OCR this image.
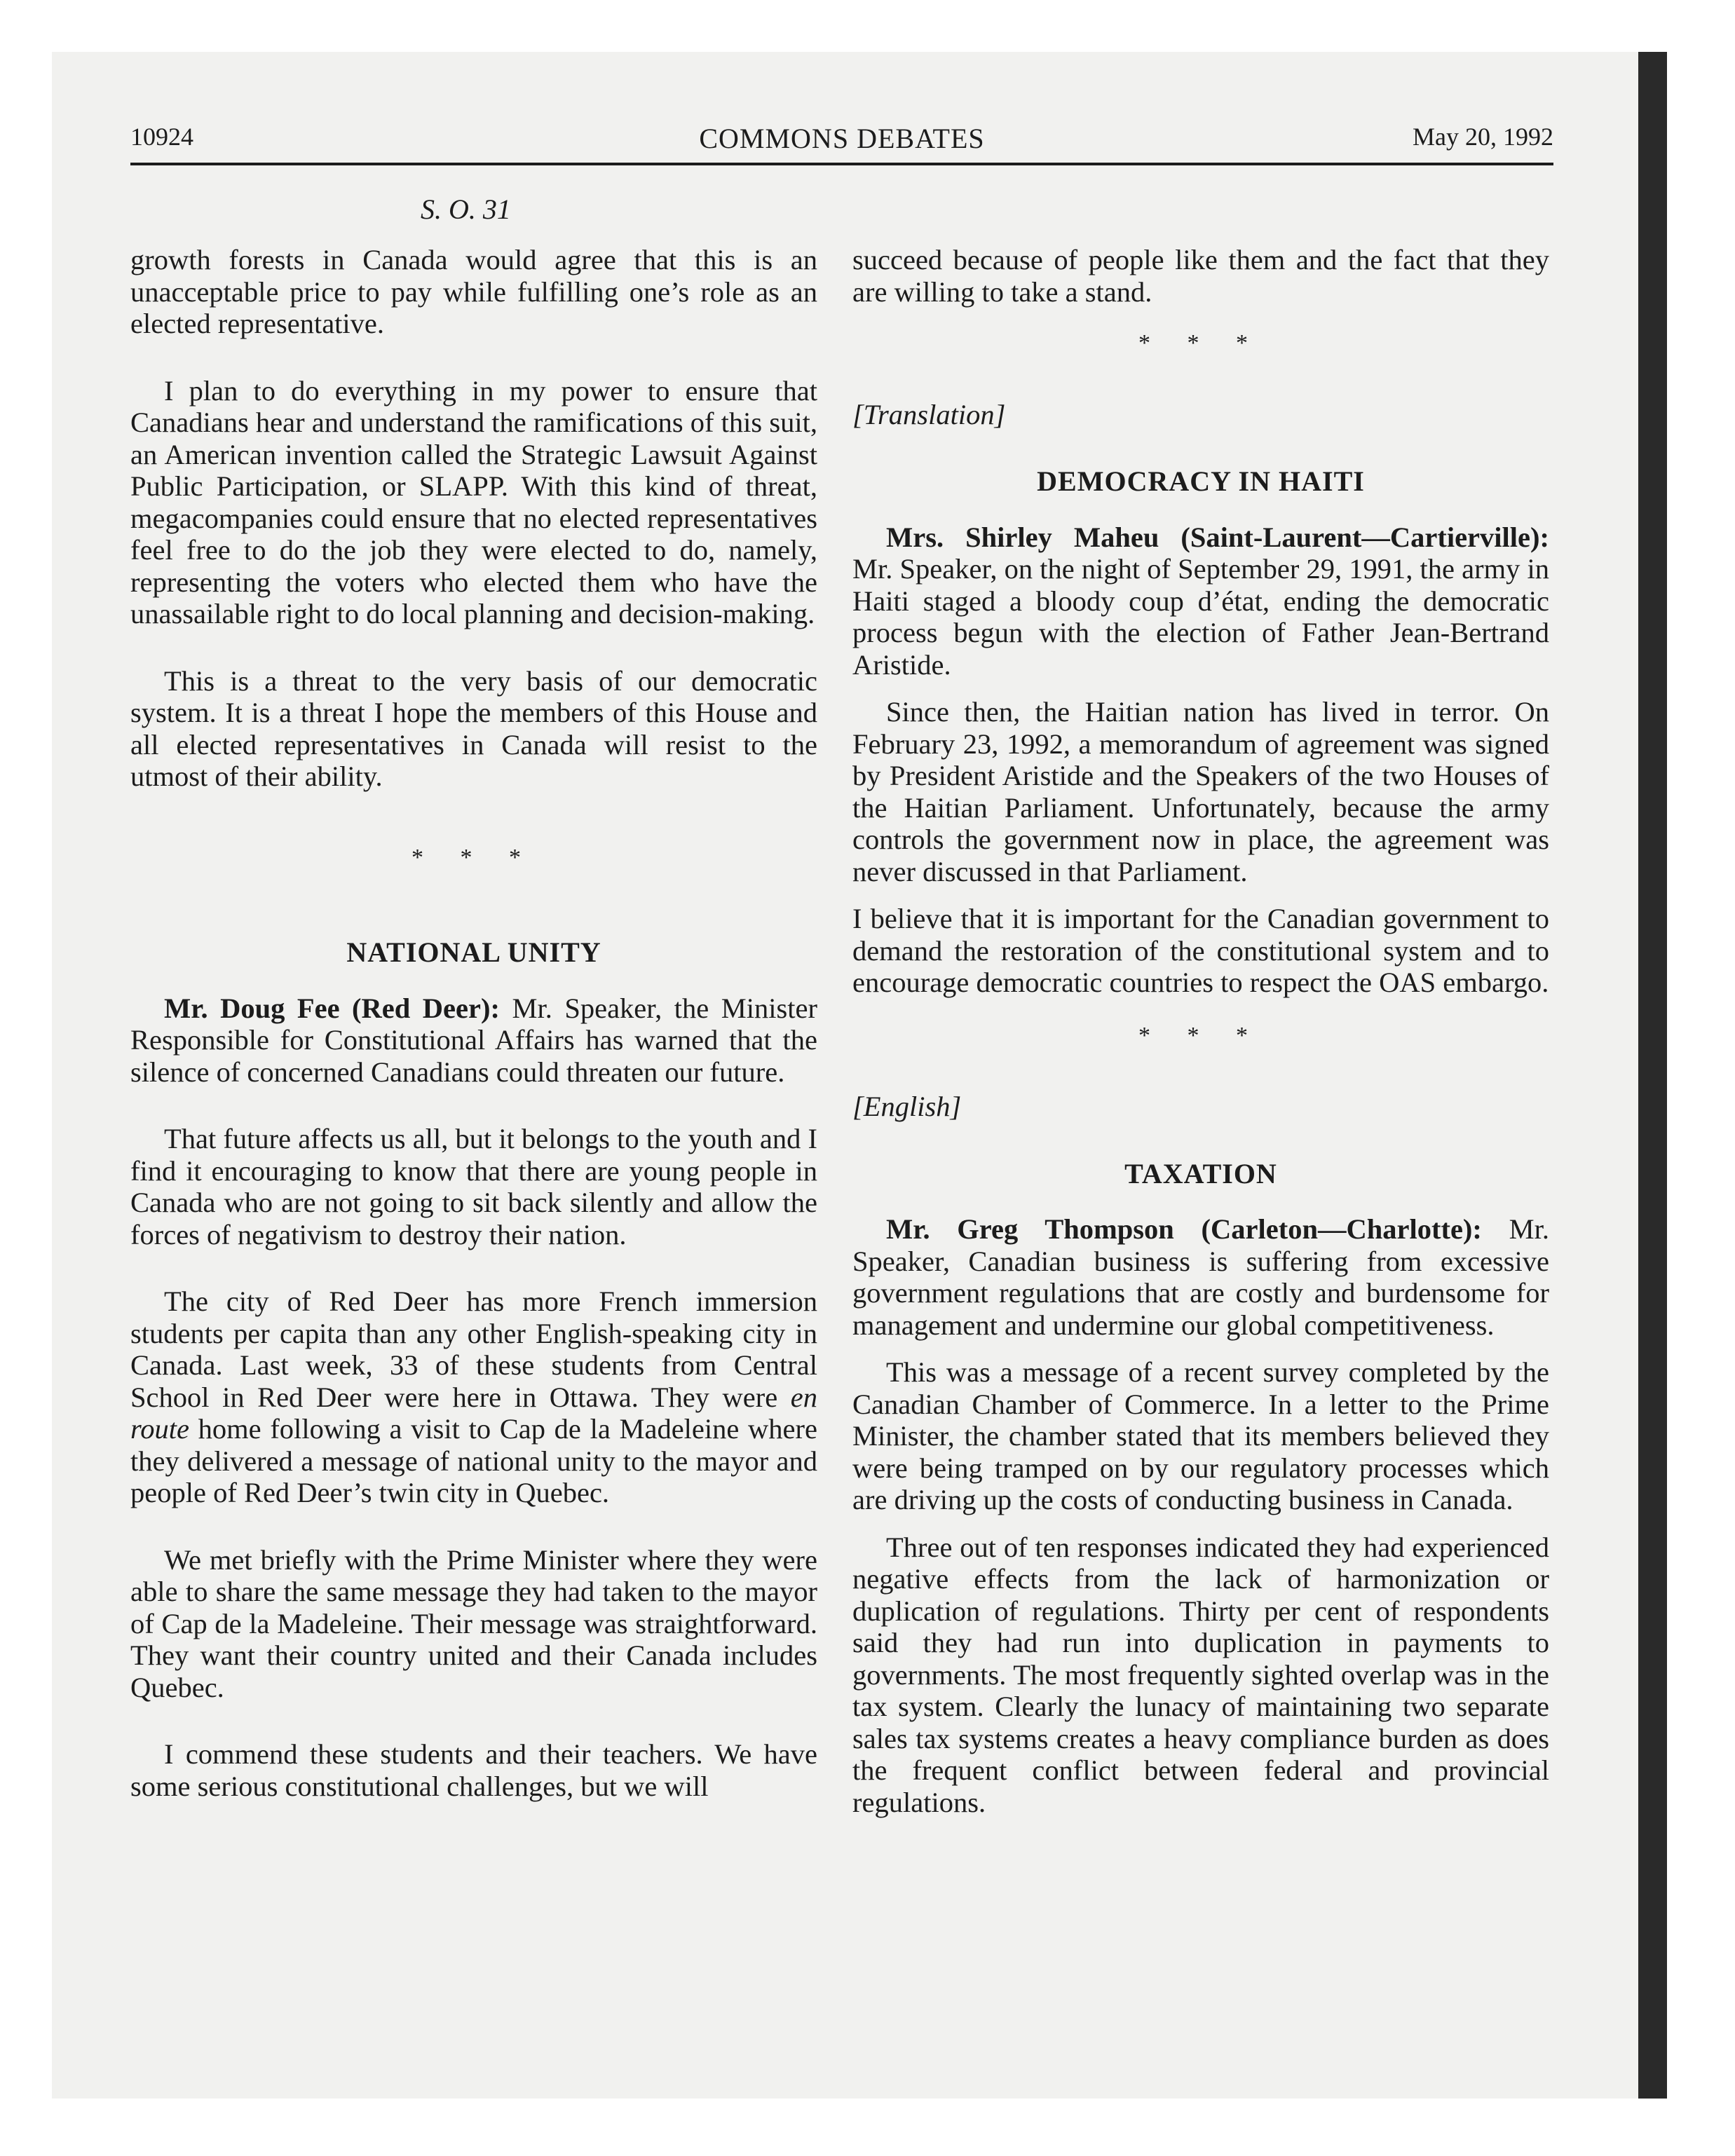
10924	COMMONS DEBATES	May 20, 1992
S. O. 31

growth forests in Canada would agree that this is an unacceptable price to pay while fulfilling one’s role as an elected representative.

I plan to do everything in my power to ensure that Canadians hear and understand the ramifications of this suit, an American invention called the Strategic Lawsuit Against Public Participation, or SLAPP. With this kind of threat, megacompanies could ensure that no elected representatives feel free to do the job they were elected to do, namely, representing the voters who elected them who have the unassailable right to do local planning and decision-making.

This is a threat to the very basis of our democratic system. It is a threat I hope the members of this House and all elected representatives in Canada will resist to the utmost of their ability.

* * *
NATIONAL UNITY

Mr. Doug Fee (Red Deer): Mr. Speaker, the Minister Responsible for Constitutional Affairs has warned that the silence of concerned Canadians could threaten our future.

That future affects us all, but it belongs to the youth and I find it encouraging to know that there are young people in Canada who are not going to sit back silently and allow the forces of negativism to destroy their nation.

The city of Red Deer has more French immersion students per capita than any other English-speaking city in Canada. Last week, 33 of these students from Central School in Red Deer were here in Ottawa. They were en route home following a visit to Cap de la Madeleine where they delivered a message of national unity to the mayor and people of Red Deer’s twin city in Quebec.

We met briefly with the Prime Minister where they were able to share the same message they had taken to the mayor of Cap de la Madeleine. Their message was straightforward. They want their country united and their Canada includes Quebec.

I commend these students and their teachers. We have some serious constitutional challenges, but we will

succeed because of people like them and the fact that they are willing to take a stand.

* * *
[Translation]
DEMOCRACY IN HAITI

Mrs. Shirley Maheu (Saint-Laurent—Cartierville): Mr. Speaker, on the night of September 29, 1991, the army in Haiti staged a bloody coup d’état, ending the democratic process begun with the election of Father Jean-Bertrand Aristide.

Since then, the Haitian nation has lived in terror. On February 23, 1992, a memorandum of agreement was signed by President Aristide and the Speakers of the two Houses of the Haitian Parliament. Unfortunately, because the army controls the government now in place, the agreement was never discussed in that Parliament.

I believe that it is important for the Canadian government to demand the restoration of the constitutional system and to encourage democratic countries to respect the OAS embargo.

* * *
[English]
TAXATION

Mr. Greg Thompson (Carleton—Charlotte): Mr. Speaker, Canadian business is suffering from excessive government regulations that are costly and burdensome for management and undermine our global competitiveness.

This was a message of a recent survey completed by the Canadian Chamber of Commerce. In a letter to the Prime Minister, the chamber stated that its members believed they were being tramped on by our regulatory processes which are driving up the costs of conducting business in Canada.

Three out of ten responses indicated they had experienced negative effects from the lack of harmonization or duplication of regulations. Thirty per cent of respondents said they had run into duplication in payments to governments. The most frequently sighted overlap was in the tax system. Clearly the lunacy of maintaining two separate sales tax systems creates a heavy compliance burden as does the frequent conflict between federal and provincial regulations.
